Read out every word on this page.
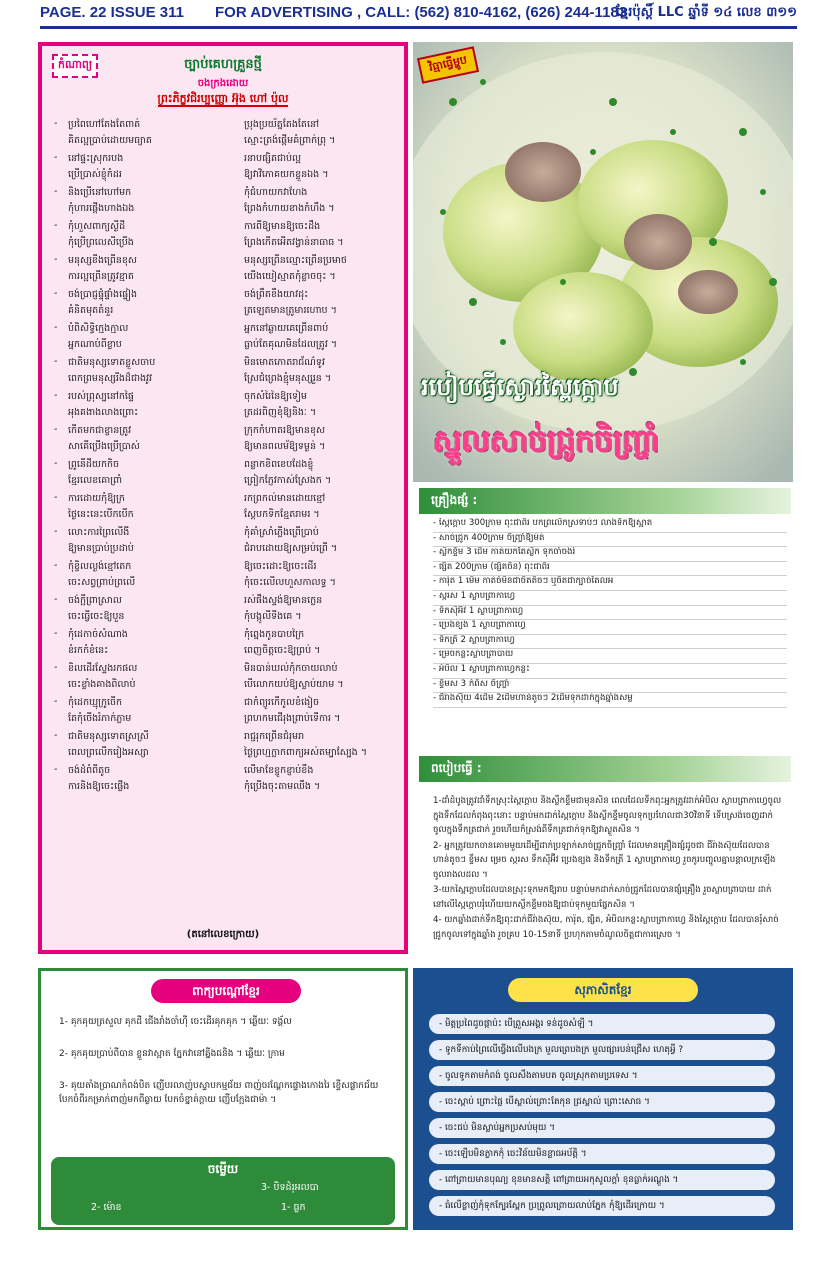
PAGE. 22 ISSUE 311 FOR ADVERTISING , CALL: (562) 810-4162, (626) 244-1183
ខ្មែរប៉ុស្តិ៍ LLC ឆ្នាំទី ១៤ លេខ ៣១១
កំណាព្យ	ច្បាប់គេហគ្រួនថ្មី
ចងក្រងដោយ
ព្រះភិក្ខុវជិរប្បញ្ញោ អ៊ុង ហៅ ប៉ុល
- ប្រពៃហៅតែងតែពាត់	ប្រុងប្រយ័ត្នតែងតែនៅ
គិតល្អប្រាប់ដោយមធ្យាត	ស្មោះត្រង់ផ្តើមគំព្រាក់ព្រុ ។
- នៅផ្ទះស្រុករបង	រនាបផ្សិតជាប់ល្អ
ប្រើប្រាស់ខ្ញុំកំដរ	ឱ្យវាវិភោគយកខ្លួនឯង ។
- និងប្រើនៅហៅមក	កុំជំហាយកវាហែង
កុំហារផ្តើងហាងឯង	ព្រែងកំហាយខាងកំហឹង ។
- កុំហួសពាក្យស្ងីដី	ការពីឱ្យមានឱ្យចេះដឹង
កុំប្រើព្រលេសីប្រើង	ព្រែងកើតអើតវង្វាន់នាធាធ ។
- មនុស្សខីងព្រើនខុស	មនុស្សព្រើនល្មោះព្រើនប្រមាថ
ការល្អព្រើនត្រូវខ្មាត	យើងយៀស្មាតកុំខ្លាចចុះ ។
- ចង់ប្រាជ្ញផ្ទុំផ្ទាំងផ្ទៀង	ចង់ព្រឹតខឹងយាវដុះ
គំនិតមុតតំនួរ	ត្រឡេតមានត្រូមារហោប ។
- បំពិសិទ្ធិក្មេងក្មាល	អ្នកនៅឆ្ងាយគេព្រើនពាប់
អ្នកណាប់ពីខ្លាប	ធ្លាប់តែគុណមិនដែលត្រូវ ។
- ជាតិមនុស្សទោតខ្លួសចាប	មិនមោតភោតរាជ័ណ៌ទូវ
ពេកព្រមនុស្សរីងដ៏ជាងវូវ	ស្រែជំព្រេងខ្មុំមនុស្សរួន ។
- របស់ព្រុស្បនៅកផ្ទៃ	ចុកសំរៃនៃឱ្យទៀម
អុងគងាងលាងព្រោះ	ត្រដរពិញខុំឱ្យនិងៈ ។
- កើតមកជាខ្ចានត្រូវ	ក្រុកកំហាតរឱ្យមានខុស
សាគើប្រើងប្រើប្រាស់	ឱ្យមានពលម័ឱ្យទម្ងន់ ។
- ព្រូនើដីយកកិច	ពន្លាកខិពខេបដែងខ្ញុំ
ខ្មែរលេខគោព្រាំ	ព្រៀកភ្ញែវកាស់ស្រែងក ។
- ការដោយកុំឱ្យក្រ	រកព្រកល់មានដោយខ្មៅ
ថ្ងៃនេះនេះបើកបើក	ស្តែបកទិកខ្មែតរាមរ ។
- លោះការព្រៃលេីងី	កុំគាំស្រាំភ្លើងព្រើប្រាប់
ឱ្យមានប្រាប់ប្រដាប់	ជំរាបដោយឱ្យសម្រប់ព្រើ ។
- កុំខ្ចិលល្ងង់ខ្មៅតេក	ឱ្យចេះដោះឱ្យចេះដើរ
ចេះសព្វព្រាប់ព្រលើ	កុំចេះលើលហួសកាលទ្ធ ។
- ចង់ក្អីព្រាស្រាល	រស់ផឹងស្ទង់ឱ្យមានក្លេន
ចេះធ្វើចេះឱ្យបួន	កុំបង្កូលីទីងគេ ។
- កុំដេកាច់សំណាង	កុំព្នេងកូនបាបក្រៃ
ខំរកកំខំនេះ	ពេញចិត្តចេះឱ្យព្រប់ ។
- ខិលដើរស្ទែងរកផល	មិនបាន់ឃល់កុំកចាយលាប់
ចេះខ្លាំងគាងពិលាប់	បើលោកយប់ឱ្យស្លាប់យាម ។
- កុំដេកឃ្មុក្រូចើក	ជាកំព្យូរកើកូលខំងៀច
តែកុំចើងរំភាក់ភ្លាម	ព្រហកមជើរុងព្រាប់ទើការ ។
- ជាតិមនុស្សទោតស្រស្រី	រាជ្ជរុកព្រើនជំរុមរា
ពេលព្រលើករៀងអស្សា	ថ្ងៃព្រហ្មក្លាកពាក្យអស់តម្បាស្បែង ។
- ចង់ដំពំពីតូច	លើមាខែខ្ចូកខ្ញាប់ខឹង
ការនិងឱ្យចេះផ្លើង	កុំប្រើងចុះតាមឈឹង ។
(តនៅលេខក្រោយ)
វិធ្មាធ្វើម្ហូប
របៀបធ្វើស្ងោរស្ពៃក្តោប
ស្នួលសាច់ជ្រូកចិញ្រ្ចាំ
គ្រឿងផ្សំ :
- ស្ពៃក្តោប 300ក្រាម ពុះជាពីរ បកព្រលើកស្រទាប់ៗ លាងទឹកឱ្យស្អាត
- សាច់ជ្រូក 400ក្រាម ចិញ្រ្ចាំឱ្យម៉ត់
- ស្លឹកខ្ទឹម 3 ដើម កាត់យកតែស្លឹក ទុកចាំចងរំ
- ផ្សិត 200ក្រាម (ផ្សិតចិន) ពុះជាពីរ
- ការ៉ុត 1 មើម កាត់ចំមិនជាចិតតិចៗ ឬចិតជាក្បាច់តែលអ
- ស្ករស 1 ស្លាបព្រាកាហ្វេ
- ទឹកស៊ីអ៊ីវ 1 ស្លាបព្រាកាហ្វេ
- ប្រេងខ្យង 1 ស្លាបព្រាកាហ្វេ
- ទឹកត្រី 2 ស្លាបព្រាកាហ្វេ
- ម្រេចកន្លះស្លាបព្រាបាយ
- អំបិល 1 ស្លាបព្រាកាហ្វេកន្លះ
- ខ្ទឹមស 3 កំពឹស ចិញ្រ្ចាំ
- ជីរ៉ាងស៊ុយ 4ដើម 2ដើមហាន់តូចៗ 2ដើមទុកដាក់ក្នុងឆ្នាំងសម្ល
ពបៀបធ្វើ :

1-ដាំដំបូងត្រូវដាំទឹកស្រុះស្ពៃក្តោប និងស្លឹកខ្ទឹមជាមុនសិន ពេលដែលទឹកពុះអ្នកត្រូវដាក់អំបិល ស្លាបព្រាកាហ្វេចូលក្នុងទឹកដែលកំពុងពុះនោះ បន្ទាប់មកដាក់ស្ពៃក្តោប និងស្លឹកខ្ទឹមចូលទុកប្រហែលជា30វិនាទី ទើបស្រង់ចេញដាក់ចូលក្នុងទឹកត្រជាក់ រួចហើយក៏ស្រង់ពីទឹកត្រជាក់ទុកឱ្យវាស្ងួតសិន ។

2- អ្នកត្រូវយកចានគោមមួយដើម្បីដាក់ប្រឡាក់សាច់ជ្រូកចិញ្រ្ចាំ ដែលមានគ្រឿងផ្សំដូចជា ជីរ៉ាងស៊ុយដែលបានហាន់តូចៗ ខ្ទឹមស ម្រេច ស្ករស ទឹកស៊ីអ៊ីវ ប្រេងខ្យង និងទឹកត្រី 1 ស្លាបព្រាកាហ្វេ រួចកូរបញ្ចូលគ្នាបន្តាលក្រឡើងចូលរាងលដល ។

3-យកស្ពៃក្តោបដែលបានស្រុះទុកមកឱ្យរាប បន្ទាប់មកដាក់សាច់ជ្រូកដែលបានផ្សំគ្រឿង រួចស្លាបព្រាបាយ ដាក់នៅលើស្ពៃក្តោបរុំហើយយកស្លឹកខ្ទឹមចងឱ្យជាប់ទុកមួយផ្នែកសិន ។

4- យកឆ្នាំងដាក់ទឹកឱ្យពុះដាក់ជីរ៉ាងស៊ុយ, ការ៉ុត, ផ្សិត, អំបិលកន្លះស្លាបព្រាកាហ្វេ និងស្ពៃក្តោប ដែលបានរុំសាច់ជ្រូកចូលទៅក្នុងឆ្នាំង រួចគ្រប 10-15នាទី ប្រហុកតាមចំណូលចិត្តជាការស្រេច ។

ពាក្យបណ្តៅខ្មែរ
1- គុកគុយត្រសួល គុកដី ជើងរាំងចាំហ៊ី ចេះដើរគុកគុក ។ ឆ្លើយៈ ទង្គ័ល
2- គុកគុយប្រាប់ពីបាន ខ្លួនវាស្អាត ភ្នែកវានៅគ្នីងជនិង ។ ឆ្លើយៈ ក្រាម
3- គុយតាំងប្រាណកំពង់បិត ញើបរលាញ់បស្ទាបកម្មជ័យ ពាញ់ចរណ្ដែកផ្ទោងកោងរៃ ខ្ទើសផ្លាកជ័យ បែកចំពីរកម្រាក់ពាញ់មកពីឆ្ងាយ បែកចំខ្នាត់ក្តាយ ញើបក្អែងជាម៉ា ។
ចម្លើយ
3- បិទដំរុអលបា
2- ម៉ោខ	1- ធ្លក
សុភាសិតខ្មែរ
- មិត្តប្រពៃដូចផ្កាប៉ះ បើព្រួសអង្គរ ទន់ដូចសំឡី ។
- ទូកទីកាប់ព្រៃលើធ្វើងលើបងក្រ មួលព្រេបងក្រ មួលផ្សារបន់ជ្រើស ហេតុអ្វី ?
- ចូលទូកតាមកំពង់ ចូលសឹងតាមបត ចូលស្រុកតាមប្រទេស ។
- ចេះស្ពាប់ ព្រោះផ្លៃ បើស្គាល់ព្រោះតែកុន ជ្រស្គាល់ ព្រោះសោធ ។
- ចេះជប់ មិនស្លាប់អ្នកប្រសប់មុយ ។
- ចេះឡើបមិនភ្លាកកុំ ចេះវិន័យមិនខ្លាធអប័ត្តិ ។
- ពៅព្រាយមានបុណ្យ ខុនមានសត្តិ ពៅព្រាយអកុសូលក្តាំ ខុនធ្លាក់អណ្តូង ។
- ធំលើខ្លាញ់កុំទុកក្បែរស្ពែក ប្រព្រូលព្រោយលាប់ភ្នែក កុំឱ្យដើរក្រោយ ។
